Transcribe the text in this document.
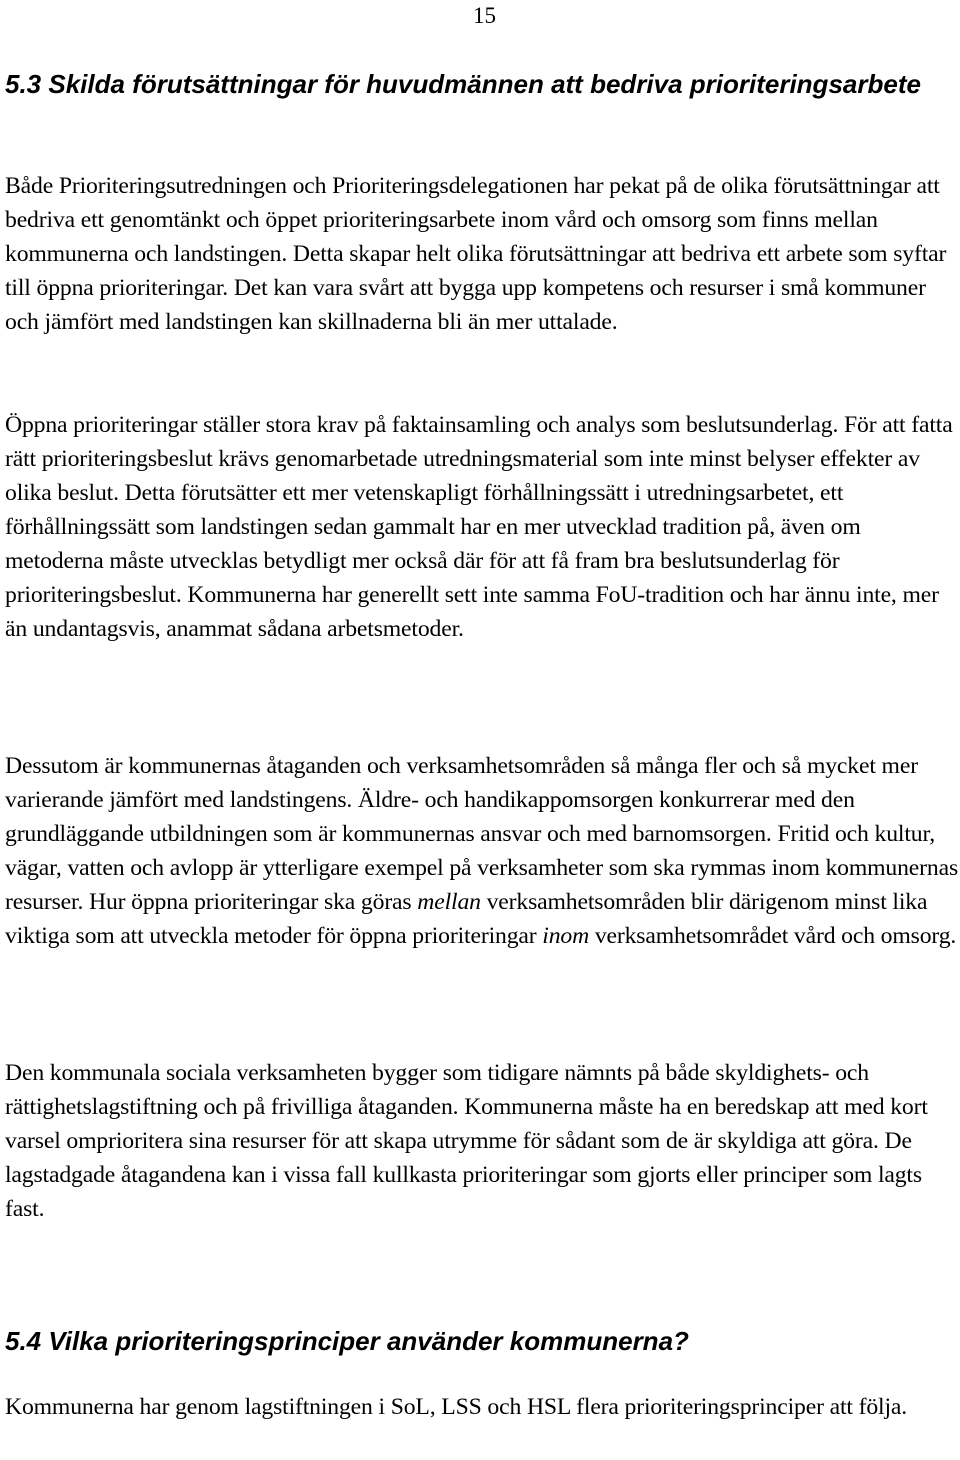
15
5.3 Skilda förutsättningar för huvudmännen att bedriva prioriteringsarbete

Både Prioriteringsutredningen och Prioriteringsdelegationen har pekat på de olika förutsättningar att bedriva ett genomtänkt och öppet prioriteringsarbete inom vård och omsorg som finns mellan kommunerna och landstingen. Detta skapar helt olika förutsättningar att bedriva ett arbete som syftar till öppna prioriteringar. Det kan vara svårt att bygga upp kompetens och resurser i små kommuner och jämfört med landstingen kan skillnaderna bli än mer uttalade.

Öppna prioriteringar ställer stora krav på faktainsamling och analys som beslutsunderlag. För att fatta rätt prioriteringsbeslut krävs genomarbetade utredningsmaterial som inte minst belyser effekter av olika beslut. Detta förutsätter ett mer vetenskapligt förhållningssätt i utredningsarbetet, ett förhållningssätt som landstingen sedan gammalt har en mer utvecklad tradition på, även om metoderna måste utvecklas betydligt mer också där för att få fram bra beslutsunderlag för prioriteringsbeslut. Kommunerna har generellt sett inte samma FoU-tradition och har ännu inte, mer än undantagsvis, anammat sådana arbetsmetoder.

Dessutom är kommunernas åtaganden och verksamhetsområden så många fler och så mycket mer varierande jämfört med landstingens. Äldre- och handikappomsorgen konkurrerar med den grundläggande utbildningen som är kommunernas ansvar och med barnomsorgen. Fritid och kultur, vägar, vatten och avlopp är ytterligare exempel på verksamheter som ska rymmas inom kommunernas resurser. Hur öppna prioriteringar ska göras mellan verksamhetsområden blir därigenom minst lika viktiga som att utveckla metoder för öppna prioriteringar inom verksamhetsområdet vård och omsorg.

Den kommunala sociala verksamheten bygger som tidigare nämnts på både skyldighets- och rättighetslagstiftning och på frivilliga åtaganden. Kommunerna måste ha en beredskap att med kort varsel omprioritera sina resurser för att skapa utrymme för sådant som de är skyldiga att göra. De lagstadgade åtagandena kan i vissa fall kullkasta prioriteringar som gjorts eller principer som lagts fast.

5.4 Vilka prioriteringsprinciper använder kommunerna?

Kommunerna har genom lagstiftningen i SoL, LSS och HSL flera prioriteringsprinciper att följa.
